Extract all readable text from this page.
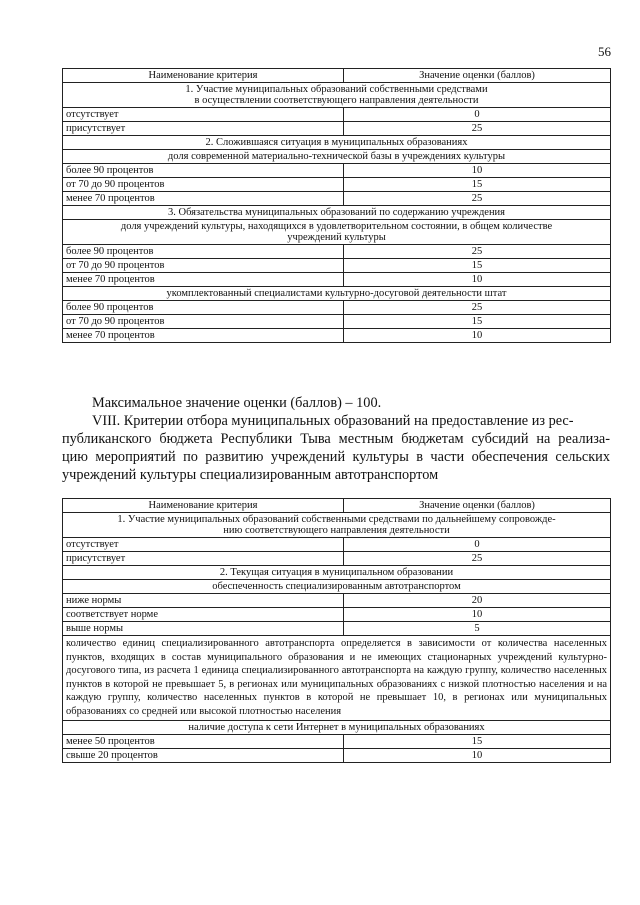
56
Наименование критерия	Значение оценки (баллов)

1. Участие муниципальных образований собственными средствами
в осуществлении соответствующего направления деятельности	

отсутствует	0
присутствует	25

2. Сложившаяся ситуация в муниципальных образованиях	

доля современной материально-технической базы в учреждениях культуры	

более 90 процентов	10
от 70 до 90 процентов	15
менее 70 процентов	25

3. Обязательства муниципальных образований по содержанию учреждения	

доля учреждений культуры, находящихся в удовлетворительном состоянии, в общем количестве
учреждений культуры	

более 90 процентов	25
от 70 до 90 процентов	15
менее 70 процентов	10

укомплектованный специалистами культурно-досуговой деятельности штат	

более 90 процентов	25
от 70 до 90 процентов	15
менее 70 процентов	10
Максимальное значение оценки (баллов) – 100.
VIII. Критерии отбора муниципальных образований на предоставление из рес-
публиканского бюджета Республики Тыва местным бюджетам субсидий на реализа-
цию мероприятий по развитию учреждений культуры в части обеспечения сельских
учреждений культуры специализированным автотранспортом
Наименование критерия	Значение оценки (баллов)

1. Участие муниципальных образований собственными средствами по дальнейшему сопровожде-
нию соответствующего направления деятельности	

отсутствует	0
присутствует	25

2. Текущая ситуация в муниципальном образовании	

обеспеченность специализированным автотранспортом	

ниже нормы	20
соответствует норме	10
выше нормы	5
количество единиц специализированного автотранспорта определяется в зависимости от количества населенных пунктов, входящих в состав муниципального образования и не имеющих стационарных учреждений культурно-досугового типа, из расчета 1 единица специализированного автотранспорта на каждую группу, количество населенных пунктов в которой не превышает 5, в регионах или муниципальных образованиях с низкой плотностью населения и на каждую группу, количество населенных пунктов в которой не превышает 10, в регионах или муниципальных образованиях со средней или высокой плотностью населения	

наличие доступа к сети Интернет в муниципальных образованиях	

менее 50 процентов	15
свыше 20 процентов	10
